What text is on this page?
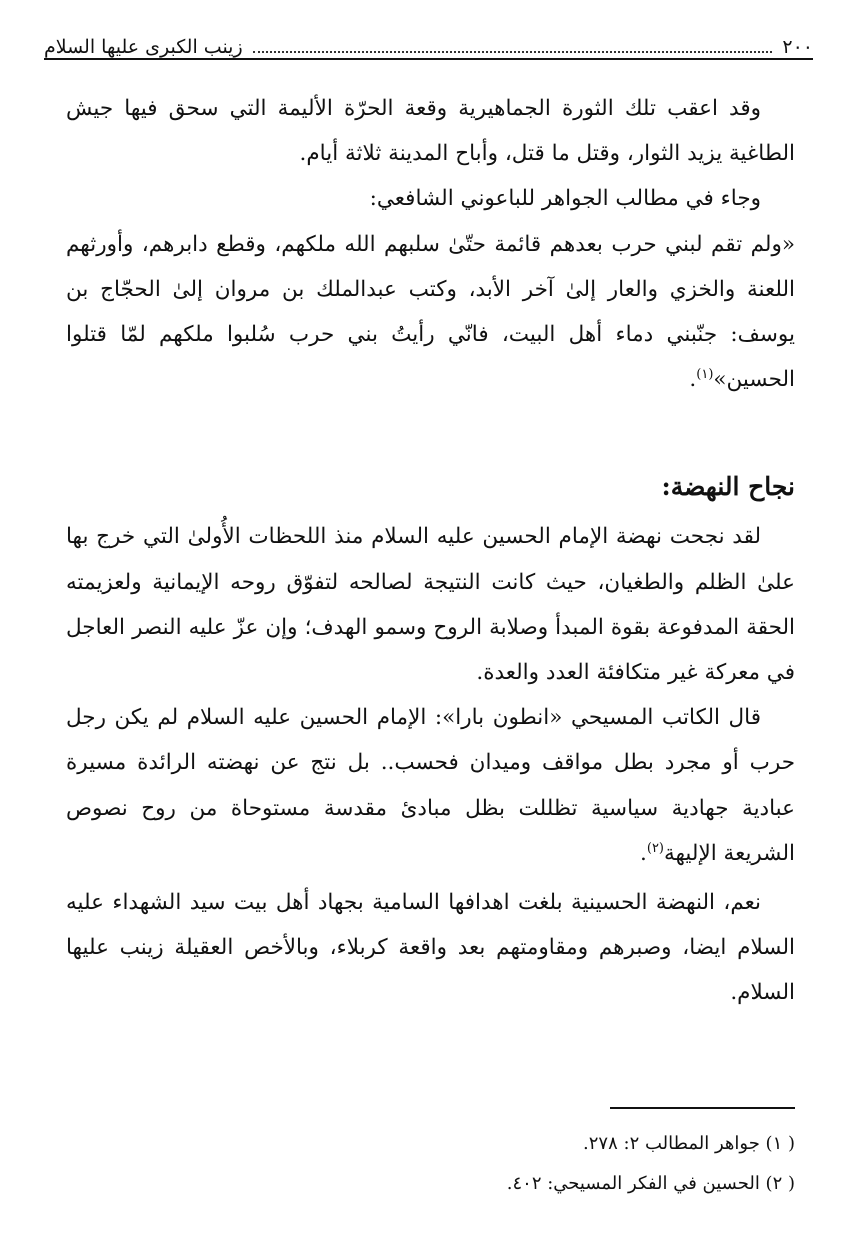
٢٠٠
زينب الكبرى عليها السلام

وقد اعقب تلك الثورة الجماهيرية وقعة الحرّة الأليمة التي سحق فيها جيش الطاغية يزيد الثوار، وقتل ما قتل، وأباح المدينة ثلاثة أيام.

وجاء في مطالب الجواهر للباعوني الشافعي:

«ولم تقم لبني حرب بعدهم قائمة حتّىٰ سلبهم الله ملكهم، وقطع دابرهم، وأورثهم اللعنة والخزي والعار إلىٰ آخر الأبد، وكتب عبدالملك بن مروان إلىٰ الحجّاج بن يوسف: جنّبني دماء أهل البيت، فانّي رأيتُ بني حرب سُلبوا ملكهم لمّا قتلوا الحسين»$^{(١)}$.

نجاح النهضة:

لقد نجحت نهضة الإمام الحسين عليه السلام منذ اللحظات الأُولىٰ التي خرج بها علىٰ الظلم والطغيان، حيث كانت النتيجة لصالحه لتفوّق روحه الإيمانية ولعزيمته الحقة المدفوعة بقوة المبدأ وصلابة الروح وسمو الهدف؛ وإن عزّ عليه النصر العاجل في معركة غير متكافئة العدد والعدة.

قال الكاتب المسيحي «انطون بارا»: الإمام الحسين عليه السلام لم يكن رجل حرب أو مجرد بطل مواقف وميدان فحسب.. بل نتج عن نهضته الرائدة مسيرة عبادية جهادية سياسية تظللت بظل مبادئ مقدسة مستوحاة من روح نصوص الشريعة الإليهة$^{(٢)}$.

نعم، النهضة الحسينية بلغت اهدافها السامية بجهاد أهل بيت سيد الشهداء عليه السلام ايضا، وصبرهم ومقاومتهم بعد واقعة كربلاء، وبالأخص العقيلة زينب عليها السلام.

( ١) جواهر المطالب ٢: ٢٧٨.

( ٢) الحسين في الفكر المسيحي: ٤٠٢.
